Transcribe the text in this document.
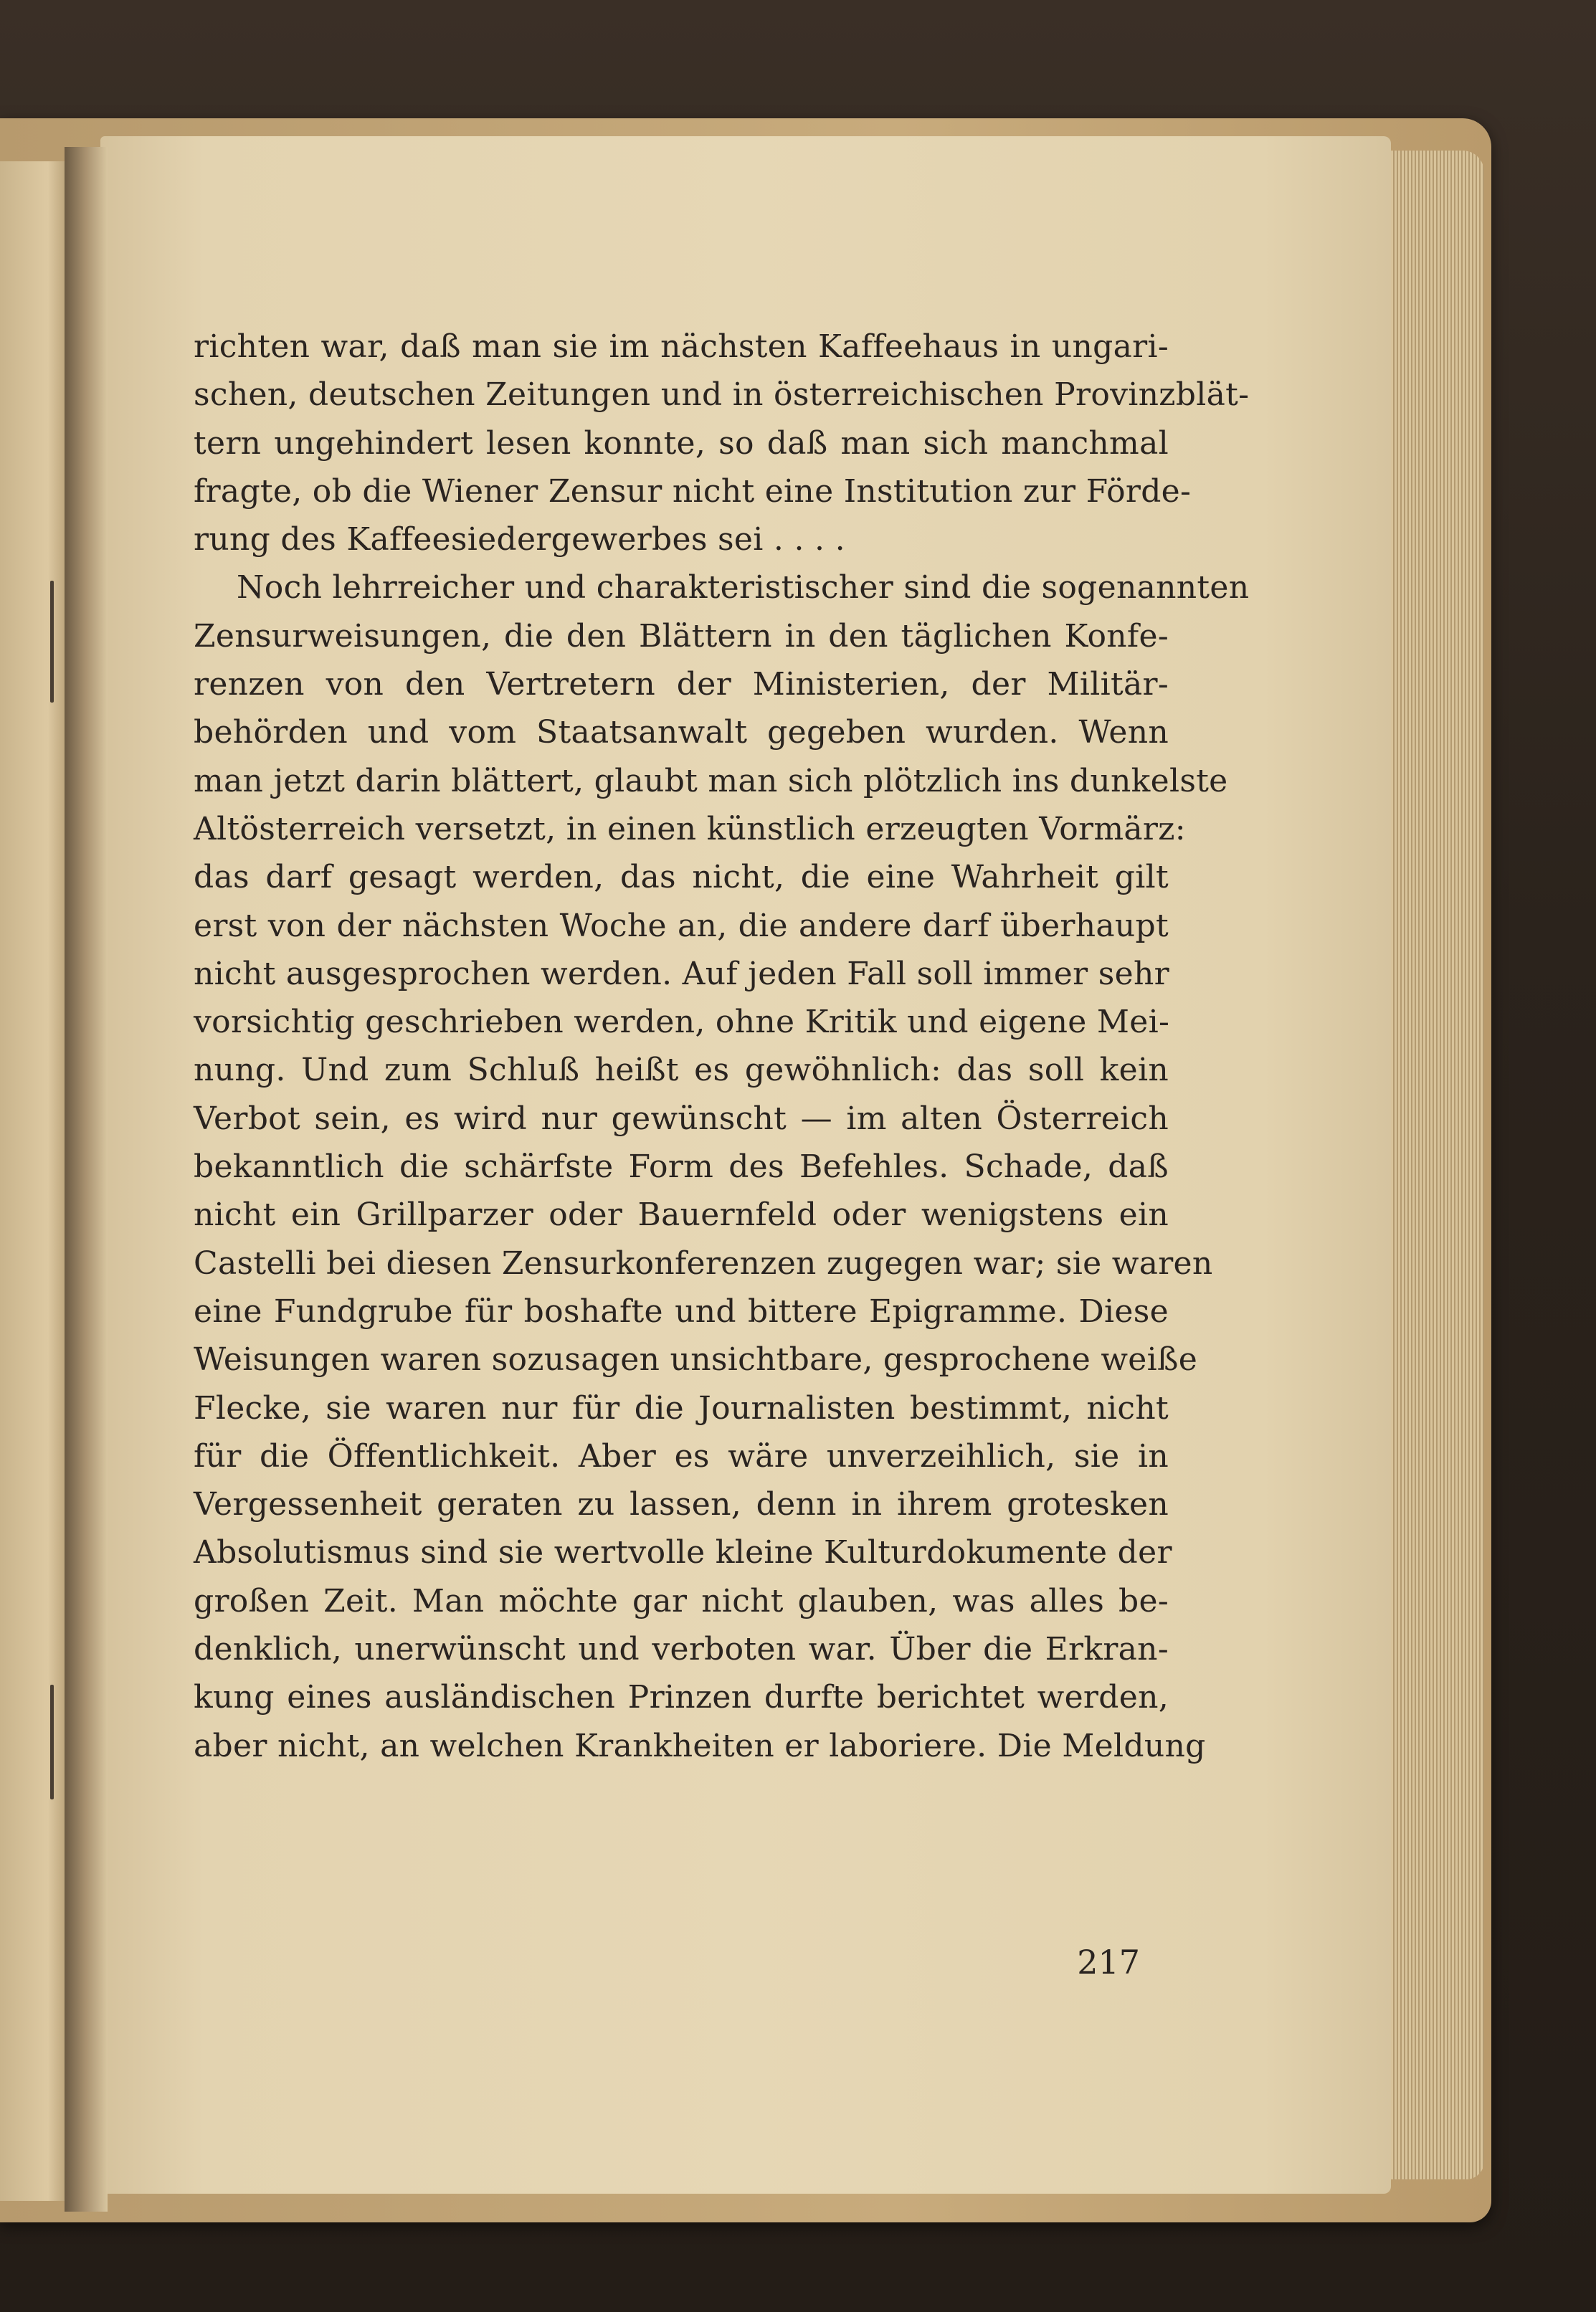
richten war, daß man sie im nächsten Kaffeehaus in ungari-
schen, deutschen Zeitungen und in österreichischen Provinzblät-
tern ungehindert lesen konnte, so daß man sich manchmal
fragte, ob die Wiener Zensur nicht eine Institution zur Förde-
rung des Kaffeesiedergewerbes sei . . . .
Noch lehrreicher und charakteristischer sind die sogenannten
Zensurweisungen, die den Blättern in den täglichen Konfe-
renzen von den Vertretern der Ministerien, der Militär-
behörden und vom Staatsanwalt gegeben wurden. Wenn
man jetzt darin blättert, glaubt man sich plötzlich ins dunkelste
Altösterreich versetzt, in einen künstlich erzeugten Vormärz:
das darf gesagt werden, das nicht, die eine Wahrheit gilt
erst von der nächsten Woche an, die andere darf überhaupt
nicht ausgesprochen werden. Auf jeden Fall soll immer sehr
vorsichtig geschrieben werden, ohne Kritik und eigene Mei-
nung. Und zum Schluß heißt es gewöhnlich: das soll kein
Verbot sein, es wird nur gewünscht — im alten Österreich
bekanntlich die schärfste Form des Befehles. Schade, daß
nicht ein Grillparzer oder Bauernfeld oder wenigstens ein
Castelli bei diesen Zensurkonferenzen zugegen war; sie waren
eine Fundgrube für boshafte und bittere Epigramme. Diese
Weisungen waren sozusagen unsichtbare, gesprochene weiße
Flecke, sie waren nur für die Journalisten bestimmt, nicht
für die Öffentlichkeit. Aber es wäre unverzeihlich, sie in
Vergessenheit geraten zu lassen, denn in ihrem grotesken
Absolutismus sind sie wertvolle kleine Kulturdokumente der
großen Zeit. Man möchte gar nicht glauben, was alles be-
denklich, unerwünscht und verboten war. Über die Erkran-
kung eines ausländischen Prinzen durfte berichtet werden,
aber nicht, an welchen Krankheiten er laboriere. Die Meldung
217
